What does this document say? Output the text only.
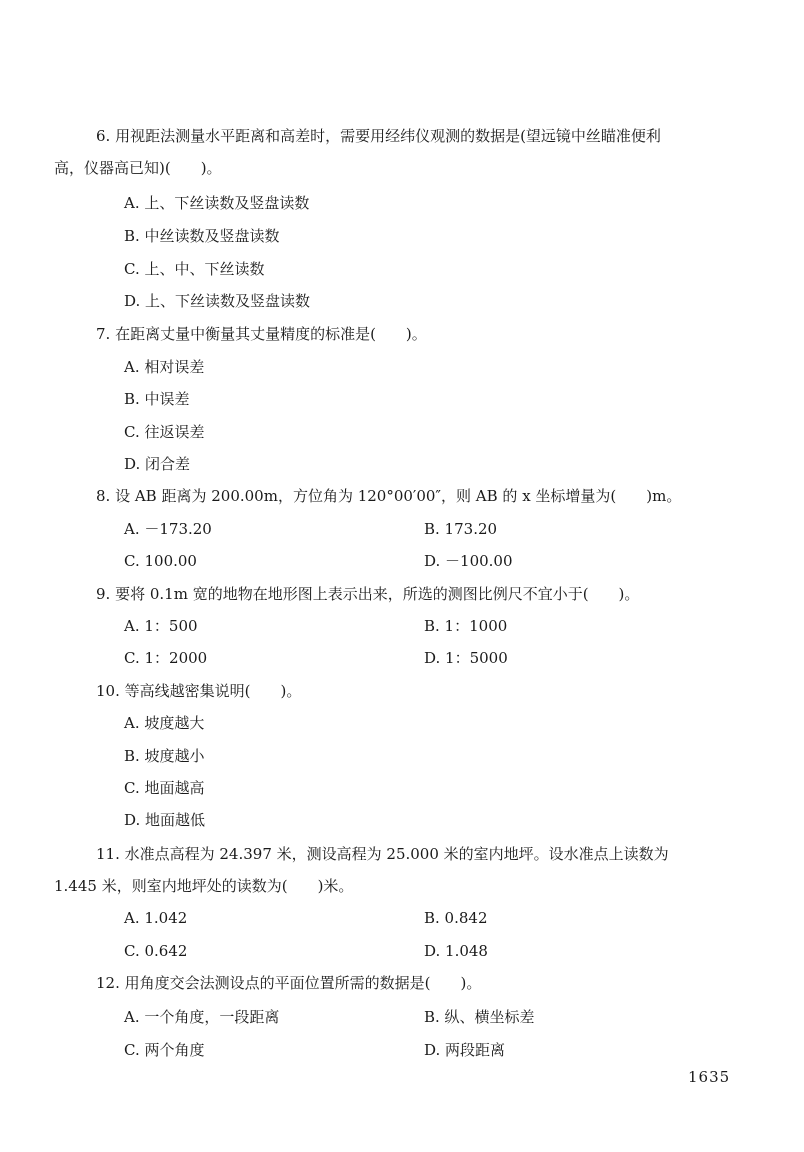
6. 用视距法测量水平距离和高差时，需要用经纬仪观测的数据是(望远镜中丝瞄准便利
高，仪器高已知)(　　)。
A. 上、下丝读数及竖盘读数
B. 中丝读数及竖盘读数
C. 上、中、下丝读数
D. 上、下丝读数及竖盘读数
7. 在距离丈量中衡量其丈量精度的标准是(　　)。
A. 相对误差
B. 中误差
C. 往返误差
D. 闭合差
8. 设 AB 距离为 200.00m，方位角为 120°00′00″，则 AB 的 x 坐标增量为(　　)m。
A. －173.20	B. 173.20
C. 100.00	D. －100.00
9. 要将 0.1m 宽的地物在地形图上表示出来，所选的测图比例尺不宜小于(　　)。
A. 1：500	B. 1：1000
C. 1：2000	D. 1：5000
10. 等高线越密集说明(　　)。
A. 坡度越大
B. 坡度越小
C. 地面越高
D. 地面越低
11. 水准点高程为 24.397 米，测设高程为 25.000 米的室内地坪。设水准点上读数为
1.445 米，则室内地坪处的读数为(　　)米。
A. 1.042	B. 0.842
C. 0.642	D. 1.048
12. 用角度交会法测设点的平面位置所需的数据是(　　)。
A. 一个角度，一段距离	B. 纵、横坐标差
C. 两个角度	D. 两段距离
1635
